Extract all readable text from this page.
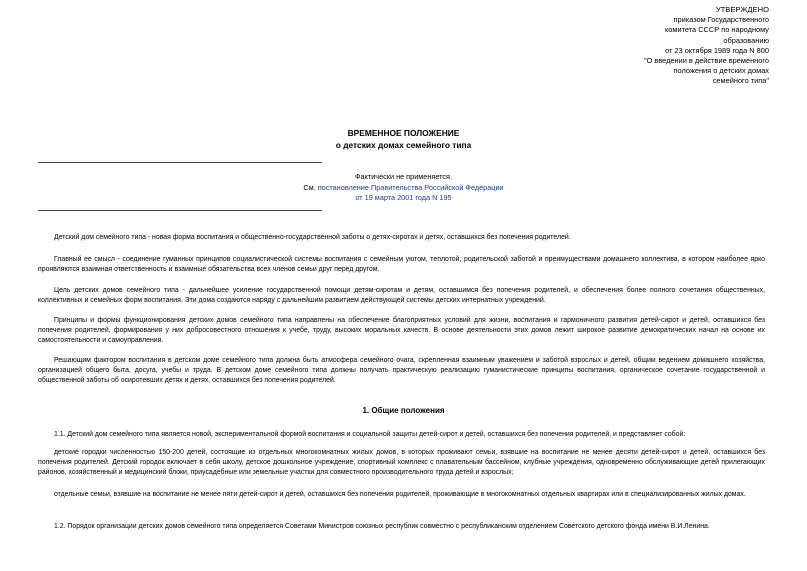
УТВЕРЖДЕНО
приказом Государственного
комитета СССР по народному
образованию
от 23 октября 1989 года N 800
"О введении в действие временного
положения о детских домах
семейного типа"
ВРЕМЕННОЕ ПОЛОЖЕНИЕ
о детских домах семейного типа
Фактически не применяется.
См. постановление Правительства Российской Федерации
от 19 марта 2001 года N 195
Детский дом семейного типа - новая форма воспитания и общественно-государственной заботы о детях-сиротах и детях, оставшихся без попечения родителей.
Главный ее смысл - соединение гуманных принципов социалистической системы воспитания с семейным уютом, теплотой, родительской заботой и преимуществами домашнего коллектива, в котором наиболее ярко проявляются взаимная ответственность и взаимные обязательства всех членов семьи друг перед другом.
Цель детских домов семейного типа - дальнейшее усиление государственной помощи детям-сиротам и детям, оставшимся без попечения родителей, и обеспечения более полного сочетания общественных, коллективных и семейных форм воспитания. Эти дома создаются наряду с дальнейшим развитием действующей системы детских интернатных учреждений.
Принципы и формы функционирования детских домов семейного типа направлены на обеспечение благоприятных условий для жизни, воспитания и гармоничного развития детей-сирот и детей, оставшихся без попечения родителей, формирования у них добросовестного отношения к учебе, труду, высоких моральных качеств. В основе деятельности этих домов лежит широкое развитие демократических начал на основе их самостоятельности и самоуправления.
Решающим фактором воспитания в детском доме семейного типа должна быть атмосфера семейного очага, скрепленная взаимным уважением и заботой взрослых и детей, общим ведением домашнего хозяйства, организацией общего быта, досуга, учебы и труда. В детском доме семейного типа должны получать практическую реализацию гуманистические принципы воспитания, органическое сочетание государственной и общественной заботы об осиротевших детях и детях, оставшихся без попечения родителей.
1. Общие положения
1.1. Детский дом семейного типа является новой, экспериментальной формой воспитания и социальной защиты детей-сирот и детей, оставшихся без попечения родителей, и представляет собой:
детские городки численностью 150-200 детей, состоящие из отдельных многокомнатных жилых домов, в которых проживают семьи, взявшие на воспитание не менее десяти детей-сирот и детей, оставшихся без попечения родителей. Детский городок включает в себя школу, детское дошкольное учреждение, спортивный комплекс с плавательным бассейном, клубные учреждения, одновременно обслуживающие детей прилегающих районов, хозяйственный и медицинский блоки, приусадебные или земельные участки для совместного производительного труда детей и взрослых;
отдельные семьи, взявшие на воспитание не менее пяти детей-сирот и детей, оставшихся без попечения родителей, проживающие в многокомнатных отдельных квартирах или в специализированных жилых домах.
1.2. Порядок организации детских домов семейного типа определяется Советами Министров союзных республик совместно с республиканским отделением Советского детского фонда имени В.И.Ленина.
